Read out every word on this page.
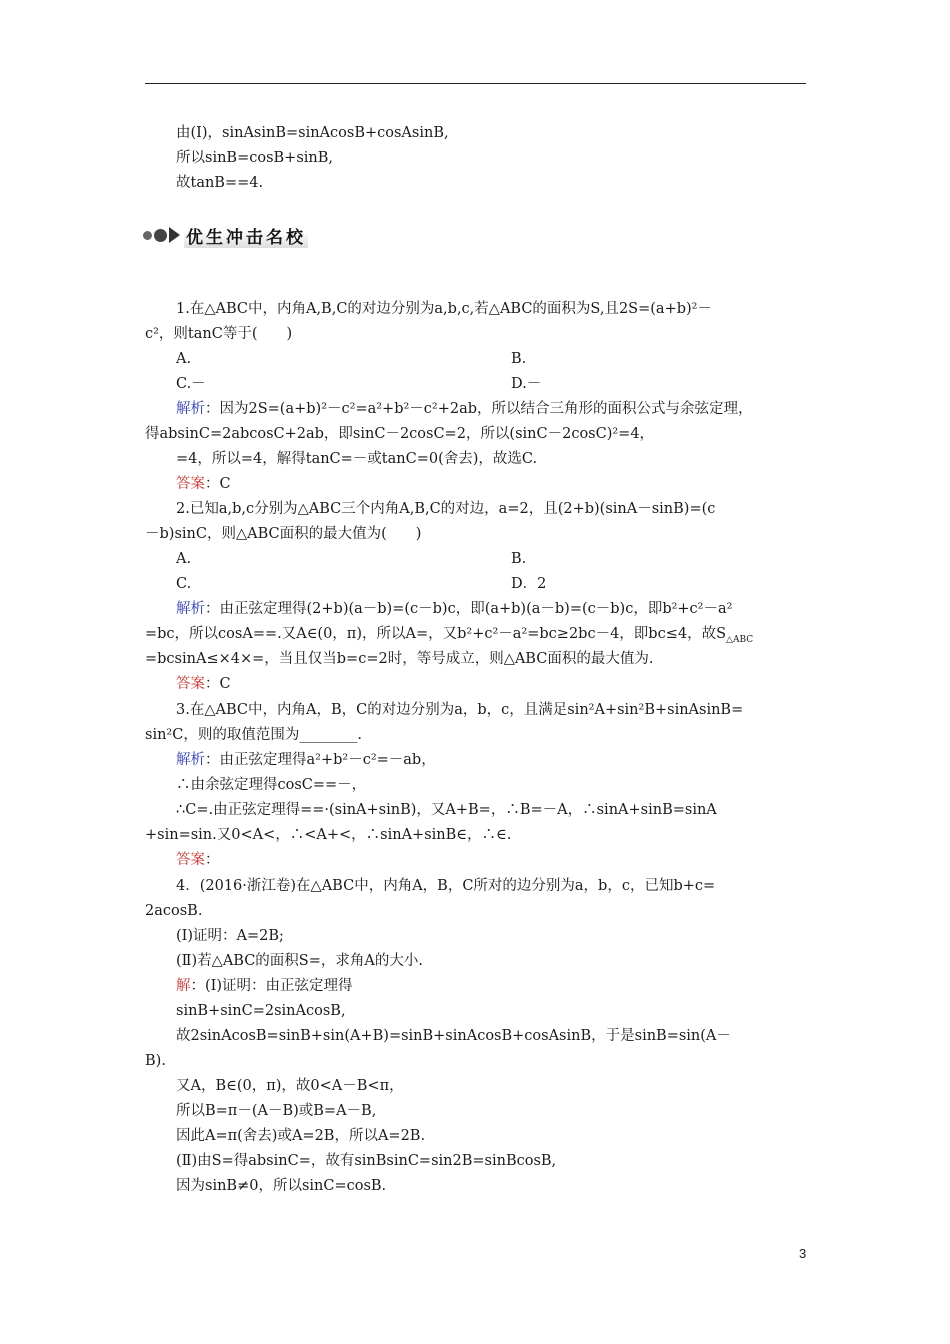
由(Ⅰ)，sinAsinB=sinAcosB+cosAsinB,
所以sinB=cosB+sinB,
故tanB==4.
优生冲击名校
1.在△ABC中，内角A,B,C的对边分别为a,b,c,若△ABC的面积为S,且2S=(a+b)²－
c²，则tanC等于(　　)
A.	B.
C.－	D.－
解析：因为2S=(a+b)²－c²=a²+b²－c²+2ab，所以结合三角形的面积公式与余弦定理，
得absinC=2abcosC+2ab，即sinC－2cosC=2，所以(sinC－2cosC)²=4，
=4，所以=4，解得tanC=－或tanC=0(舍去)，故选C.
答案：C
2.已知a,b,c分别为△ABC三个内角A,B,C的对边，a=2，且(2+b)(sinA－sinB)=(c
－b)sinC，则△ABC面积的最大值为(　　)
A.	B.
C.	D．2
解析：由正弦定理得(2+b)(a－b)=(c－b)c，即(a+b)(a－b)=(c－b)c，即b²+c²－a²
=bc，所以cosA==.又A∈(0，π)，所以A=，又b²+c²－a²=bc≥2bc－4，即bc≤4，故$S_{\triangle ABC}$
=bcsinA≤×4×=，当且仅当b=c=2时，等号成立，则△ABC面积的最大值为.
答案：C
3.在△ABC中，内角A，B，C的对边分别为a，b，c，且满足sin²A+sin²B+sinAsinB=
sin²C，则的取值范围为________.
解析：由正弦定理得a²+b²－c²=－ab，
∴由余弦定理得cosC==－，
∴C=.由正弦定理得==·(sinA+sinB)，又A+B=，∴B=－A，∴sinA+sinB=sinA
+sin=sin.又0<A<，∴<A+<，∴sinA+sinB∈，∴∈.
答案：
4．(2016·浙江卷)在△ABC中，内角A，B，C所对的边分别为a，b，c，已知b+c=
2acosB.
(Ⅰ)证明：A=2B;
(Ⅱ)若△ABC的面积S=，求角A的大小.
解：(Ⅰ)证明：由正弦定理得
sinB+sinC=2sinAcosB,
故2sinAcosB=sinB+sin(A+B)=sinB+sinAcosB+cosAsinB，于是sinB=sin(A－
B).
又A，B∈(0，π)，故0<A－B<π，
所以B=π－(A－B)或B=A－B,
因此A=π(舍去)或A=2B，所以A=2B.
(Ⅱ)由S=得absinC=，故有sinBsinC=sin2B=sinBcosB,
因为sinB≠0，所以sinC=cosB.
3
